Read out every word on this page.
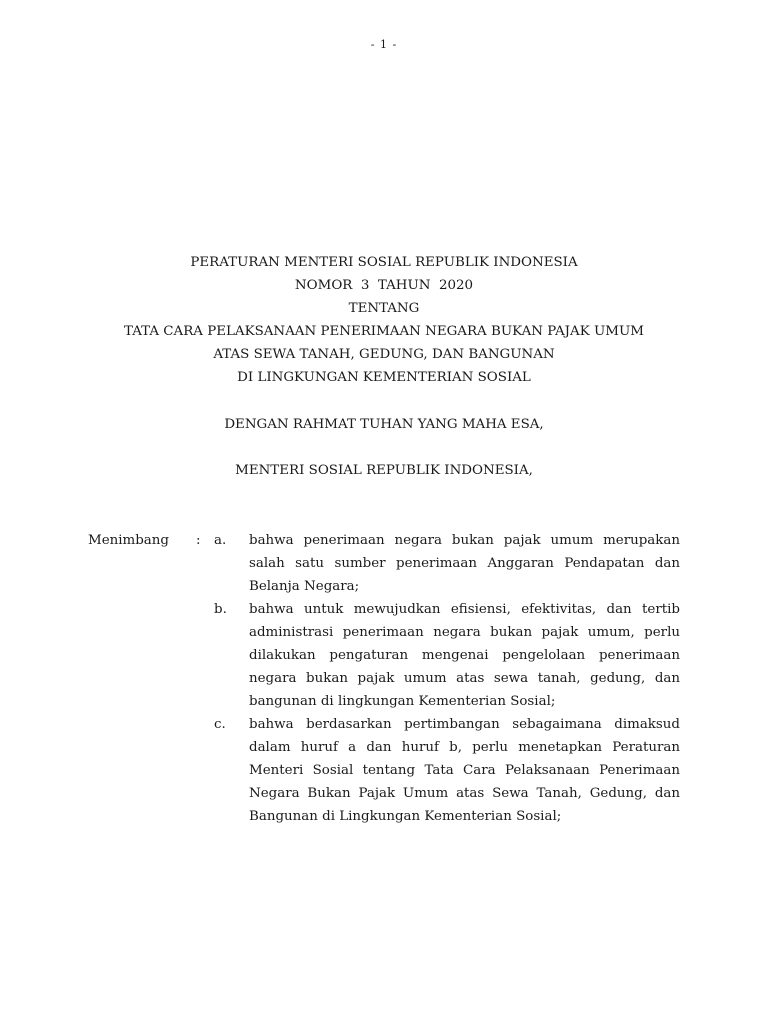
- 1 -
PERATURAN MENTERI SOSIAL REPUBLIK INDONESIA
NOMOR  3  TAHUN  2020
TENTANG
TATA CARA PELAKSANAAN PENERIMAAN NEGARA BUKAN PAJAK UMUM
ATAS SEWA TANAH, GEDUNG, DAN BANGUNAN
DI LINGKUNGAN KEMENTERIAN SOSIAL
DENGAN RAHMAT TUHAN YANG MAHA ESA,
MENTERI SOSIAL REPUBLIK INDONESIA,
Menimbang : a. bahwa penerimaan negara bukan pajak umum merupakan salah satu sumber penerimaan Anggaran Pendapatan dan Belanja Negara;
b. bahwa untuk mewujudkan efisiensi, efektivitas, dan tertib administrasi penerimaan negara bukan pajak umum, perlu dilakukan pengaturan mengenai pengelolaan penerimaan negara bukan pajak umum atas sewa tanah, gedung, dan bangunan di lingkungan Kementerian Sosial;
c. bahwa berdasarkan pertimbangan sebagaimana dimaksud dalam huruf a dan huruf b, perlu menetapkan Peraturan Menteri Sosial tentang Tata Cara Pelaksanaan Penerimaan Negara Bukan Pajak Umum atas Sewa Tanah, Gedung, dan Bangunan di Lingkungan Kementerian Sosial;
